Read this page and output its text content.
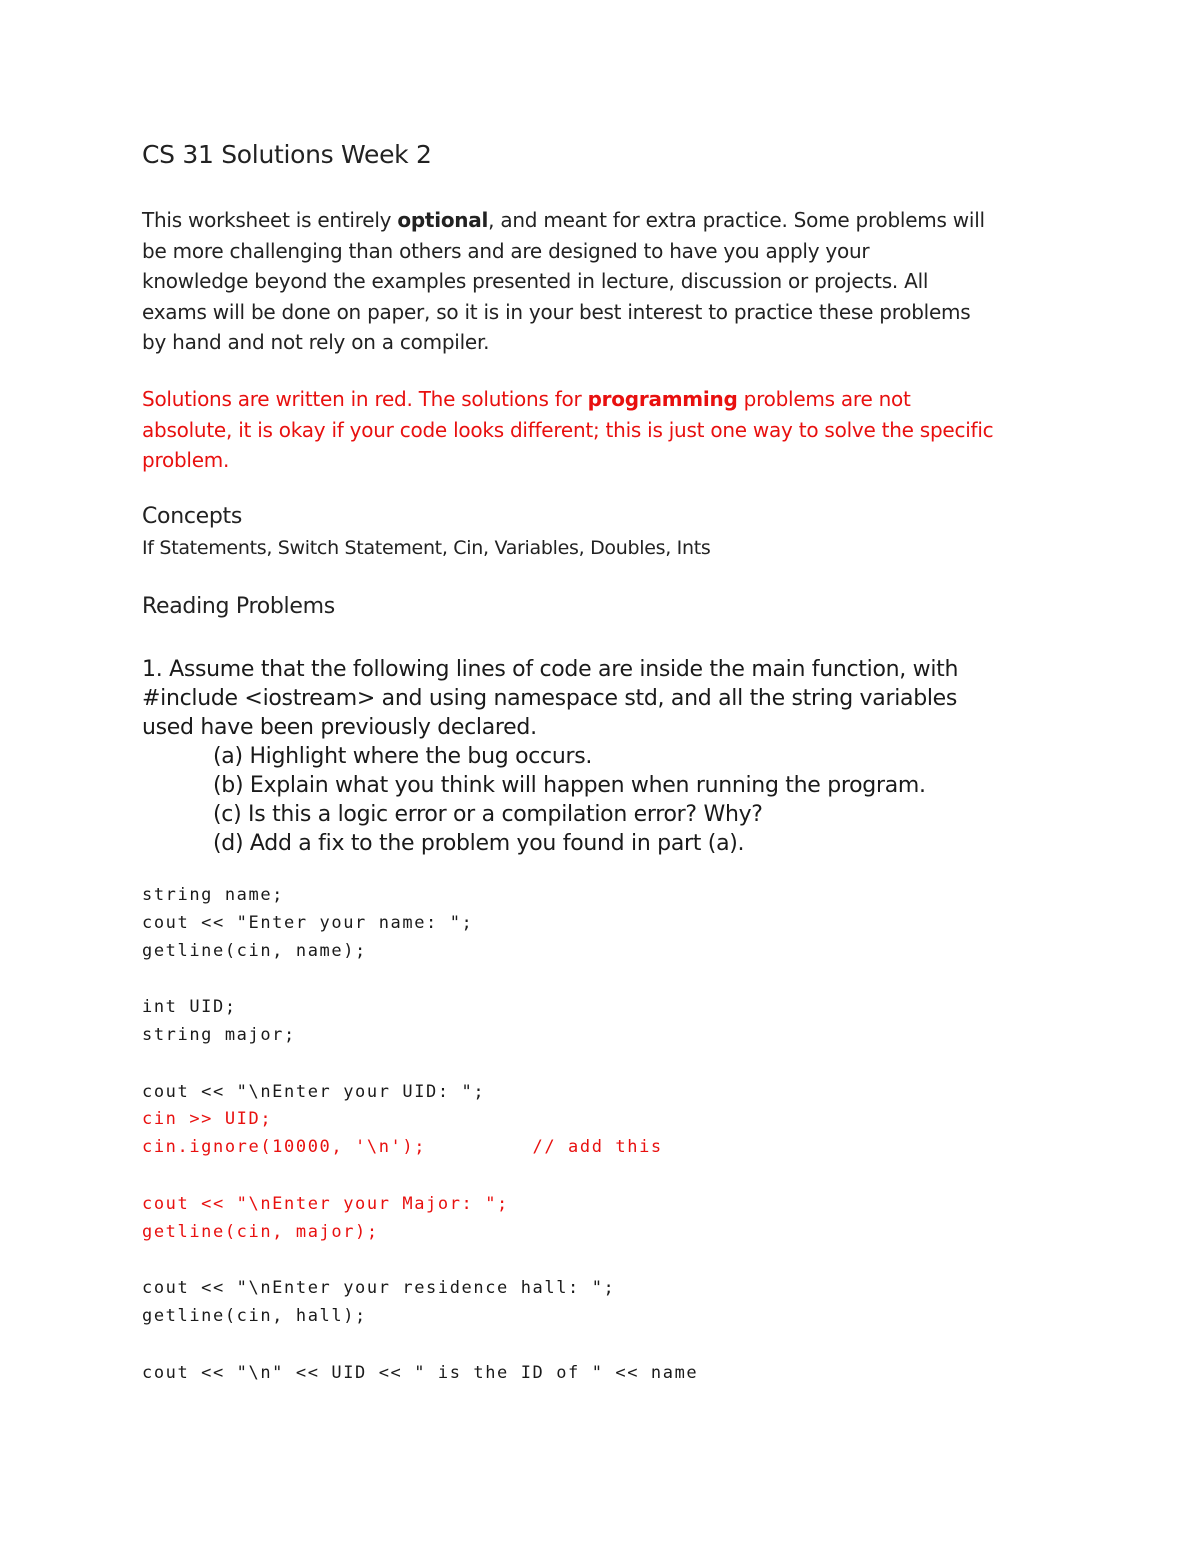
CS 31 Solutions Week 2
This worksheet is entirely optional, and meant for extra practice. Some problems will
be more challenging than others and are designed to have you apply your
knowledge beyond the examples presented in lecture, discussion or projects. All
exams will be done on paper, so it is in your best interest to practice these problems
by hand and not rely on a compiler.
Solutions are written in red. The solutions for programming problems are not
absolute, it is okay if your code looks different; this is just one way to solve the specific
problem.
Concepts
If Statements, Switch Statement, Cin, Variables, Doubles, Ints
Reading Problems
1. Assume that the following lines of code are inside the main function, with
#include <iostream> and using namespace std, and all the string variables
used have been previously declared.
(a) Highlight where the bug occurs.
(b) Explain what you think will happen when running the program.
(c) Is this a logic error or a compilation error? Why?
(d) Add a fix to the problem you found in part (a).
string name;
cout << "Enter your name: ";
getline(cin, name);
int UID;
string major;
cout << "\nEnter your UID: ";
cin >> UID;
cin.ignore(10000, '\n');         // add this
cout << "\nEnter your Major: ";
getline(cin, major);
cout << "\nEnter your residence hall: ";
getline(cin, hall);
cout << "\n" << UID << " is the ID of " << name
